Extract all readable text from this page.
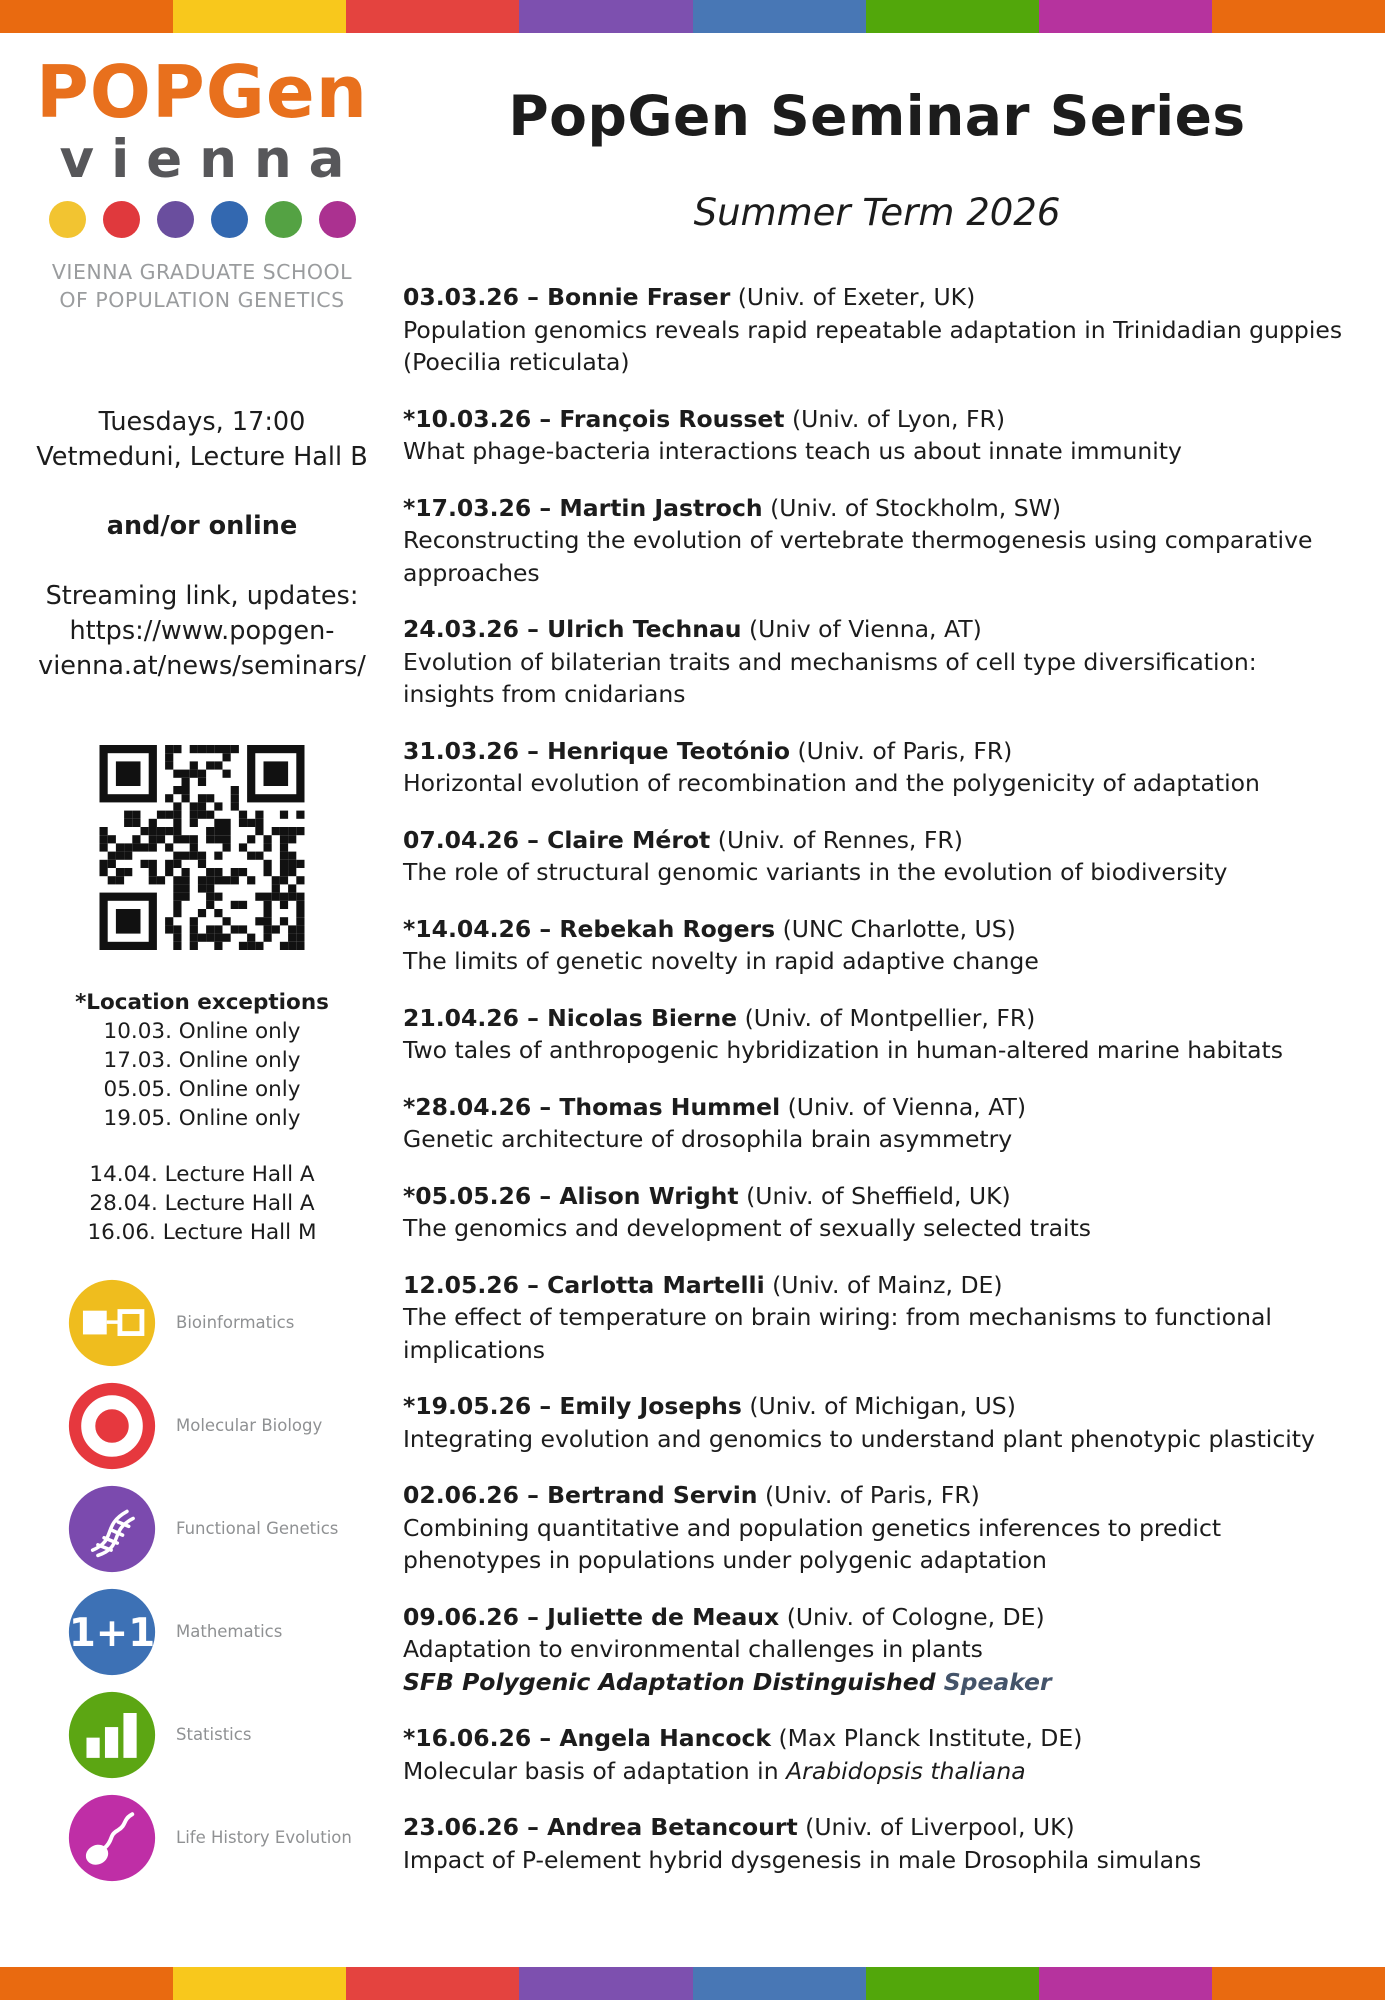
POPGen
vienna
VIENNA GRADUATE SCHOOL
OF POPULATION GENETICS
Tuesdays, 17:00
Vetmeduni, Lecture Hall B
and/or online
Streaming link, updates:
https://www.popgen-
vienna.at/news/seminars/
*Location exceptions
10.03. Online only
17.03. Online only
05.05. Online only
19.05. Online only
14.04. Lecture Hall A
28.04. Lecture Hall A
16.06. Lecture Hall M
Bioinformatics
Molecular Biology
Functional Genetics
1+1 Mathematics
Statistics
Life History Evolution
PopGen Seminar Series
Summer Term 2026
03.03.26 – Bonnie Fraser (Univ. of Exeter, UK)
Population genomics reveals rapid repeatable adaptation in Trinidadian guppies (Poecilia reticulata)
*10.03.26 – François Rousset (Univ. of Lyon, FR)
What phage-bacteria interactions teach us about innate immunity
*17.03.26 – Martin Jastroch (Univ. of Stockholm, SW)
Reconstructing the evolution of vertebrate thermogenesis using comparative approaches
24.03.26 – Ulrich Technau (Univ of Vienna, AT)
Evolution of bilaterian traits and mechanisms of cell type diversification: insights from cnidarians
31.03.26 – Henrique Teotónio (Univ. of Paris, FR)
Horizontal evolution of recombination and the polygenicity of adaptation
07.04.26 – Claire Mérot (Univ. of Rennes, FR)
The role of structural genomic variants in the evolution of biodiversity
*14.04.26 – Rebekah Rogers (UNC Charlotte, US)
The limits of genetic novelty in rapid adaptive change
21.04.26 – Nicolas Bierne (Univ. of Montpellier, FR)
Two tales of anthropogenic hybridization in human-altered marine habitats
*28.04.26 – Thomas Hummel (Univ. of Vienna, AT)
Genetic architecture of drosophila brain asymmetry
*05.05.26 – Alison Wright (Univ. of Sheffield, UK)
The genomics and development of sexually selected traits
12.05.26 – Carlotta Martelli (Univ. of Mainz, DE)
The effect of temperature on brain wiring: from mechanisms to functional implications
*19.05.26 – Emily Josephs (Univ. of Michigan, US)
Integrating evolution and genomics to understand plant phenotypic plasticity
02.06.26 – Bertrand Servin (Univ. of Paris, FR)
Combining quantitative and population genetics inferences to predict phenotypes in populations under polygenic adaptation
09.06.26 – Juliette de Meaux (Univ. of Cologne, DE)
Adaptation to environmental challenges in plants
SFB Polygenic Adaptation Distinguished Speaker
*16.06.26 – Angela Hancock (Max Planck Institute, DE)
Molecular basis of adaptation in Arabidopsis thaliana
23.06.26 – Andrea Betancourt (Univ. of Liverpool, UK)
Impact of P-element hybrid dysgenesis in male Drosophila simulans
